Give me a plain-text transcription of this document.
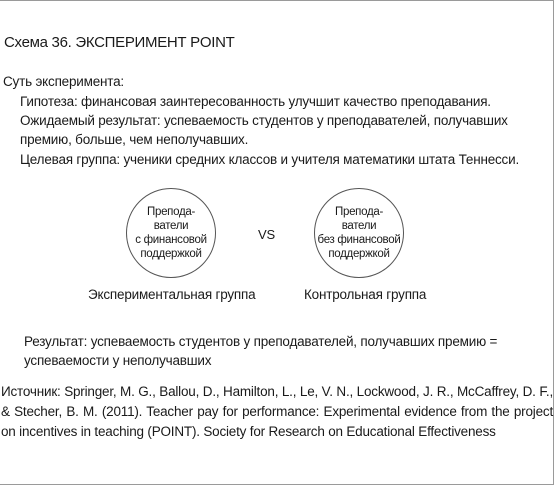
Схема 36. ЭКСПЕРИМЕНТ POINT
Суть эксперимента:
Гипотеза: финансовая заинтересованность улучшит качество преподавания.
Ожидаемый результат: успеваемость студентов у преподавателей, получавших
премию, больше, чем неполучавших.
Целевая группа: ученики средних классов и учителя математики штата Теннесси.
Препода-
ватели
с финансовой
поддержкой
VS
Препода-
ватели
без финансовой
поддержкой
Экспериментальная группа	Контрольная группа
Результат: успеваемость студентов у преподавателей, получавших премию =
успеваемости у неполучавших
Источник: Springer, M. G., Ballou, D., Hamilton, L., Le, V. N., Lockwood, J. R., McCaffrey, D. F., & Stecher, B. M. (2011). Teacher pay for performance: Experimental evidence from the project on incentives in teaching (POINT). Society for Research on Educational Effectiveness
